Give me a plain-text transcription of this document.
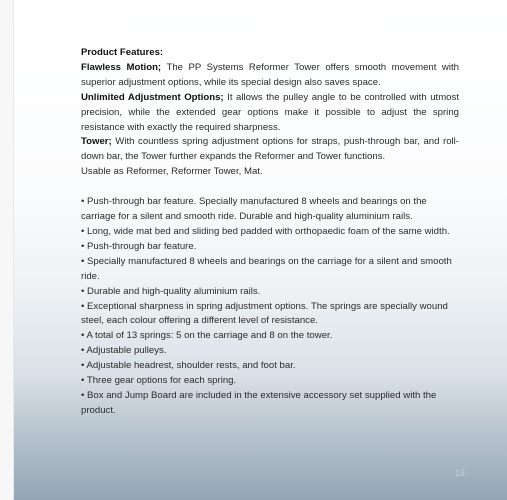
Product Features:

Flawless Motion; The PP Systems Reformer Tower offers smooth movement with superior adjustment options, while its special design also saves space.

Unlimited Adjustment Options; It allows the pulley angle to be controlled with utmost precision, while the extended gear options make it possible to adjust the spring resistance with exactly the required sharpness.

Tower; With countless spring adjustment options for straps, push-through bar, and roll-down bar, the Tower further expands the Reformer and Tower functions.

Usable as Reformer, Reformer Tower, Mat.

• Push-through bar feature. Specially manufactured 8 wheels and bearings on the carriage for a silent and smooth ride. Durable and high-quality aluminium rails.

• Long, wide mat bed and sliding bed padded with orthopaedic foam of the same width.

• Push-through bar feature.

• Specially manufactured 8 wheels and bearings on the carriage for a silent and smooth ride.

• Durable and high-quality aluminium rails.

• Exceptional sharpness in spring adjustment options. The springs are specially wound steel, each colour offering a different level of resistance.

• A total of 13 springs: 5 on the carriage and 8 on the tower.

• Adjustable pulleys.

• Adjustable headrest, shoulder rests, and foot bar.

• Three gear options for each spring.

• Box and Jump Board are included in the extensive accessory set supplied with the product.

13
